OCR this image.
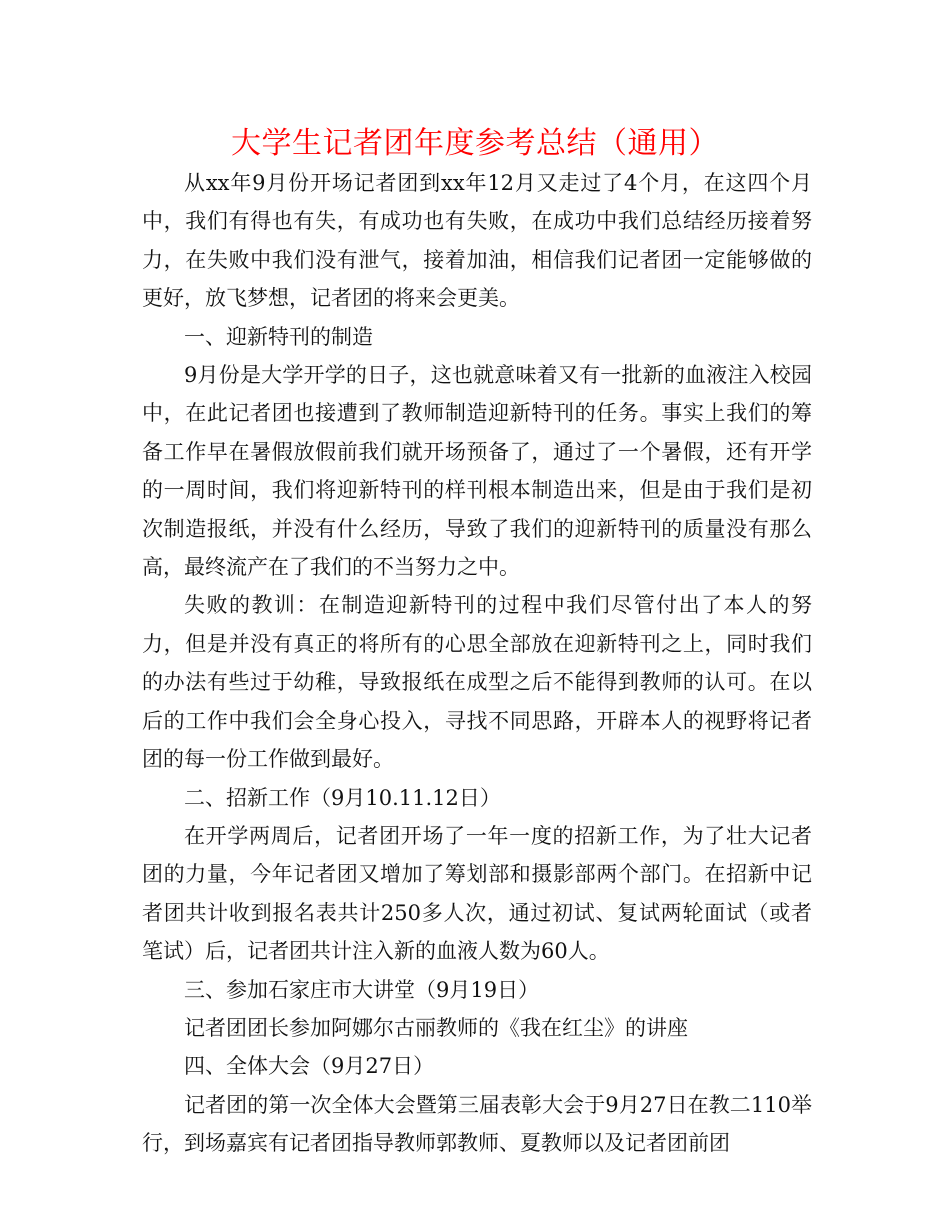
大学生记者团年度参考总结（通用）

从xx年9月份开场记者团到xx年12月又走过了4个月，在这四个月中，我们有得也有失，有成功也有失败，在成功中我们总结经历接着努力，在失败中我们没有泄气，接着加油，相信我们记者团一定能够做的更好，放飞梦想，记者团的将来会更美。

一、迎新特刊的制造

9月份是大学开学的日子，这也就意味着又有一批新的血液注入校园中，在此记者团也接遭到了教师制造迎新特刊的任务。事实上我们的筹备工作早在暑假放假前我们就开场预备了，通过了一个暑假，还有开学的一周时间，我们将迎新特刊的样刊根本制造出来，但是由于我们是初次制造报纸，并没有什么经历，导致了我们的迎新特刊的质量没有那么高，最终流产在了我们的不当努力之中。

失败的教训：在制造迎新特刊的过程中我们尽管付出了本人的努力，但是并没有真正的将所有的心思全部放在迎新特刊之上，同时我们的办法有些过于幼稚，导致报纸在成型之后不能得到教师的认可。在以后的工作中我们会全身心投入，寻找不同思路，开辟本人的视野将记者团的每一份工作做到最好。

二、招新工作（9月10.11.12日）

在开学两周后，记者团开场了一年一度的招新工作，为了壮大记者团的力量，今年记者团又增加了筹划部和摄影部两个部门。在招新中记者团共计收到报名表共计250多人次，通过初试、复试两轮面试（或者笔试）后，记者团共计注入新的血液人数为60人。

三、参加石家庄市大讲堂（9月19日）

记者团团长参加阿娜尔古丽教师的《我在红尘》的讲座

四、全体大会（9月27日）

记者团的第一次全体大会暨第三届表彰大会于9月27日在教二110举行，到场嘉宾有记者团指导教师郭教师、夏教师以及记者团前团
